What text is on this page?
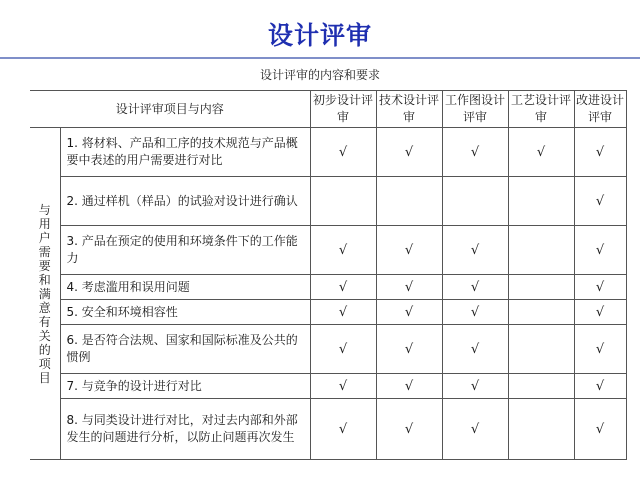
设计评审
设计评审的内容和要求
设计评审项目与内容		初步设计评审	技术设计评审	工作图设计评审	工艺设计评审	改进设计评审
与用户需要和满意有关的项目	1. 将材料、产品和工序的技术规范与产品概要中表述的用户需要进行对比	√	√	√	√	√
	2. 通过样机（样品）的试验对设计进行确认					√
	3. 产品在预定的使用和环境条件下的工作能力	√	√	√		√
	4. 考虑滥用和误用问题	√	√	√		√
	5. 安全和环境相容性	√	√	√		√
	6. 是否符合法规、国家和国际标准及公共的惯例	√	√	√		√
	7. 与竞争的设计进行对比	√	√	√		√
	8. 与同类设计进行对比，对过去内部和外部发生的问题进行分析，以防止问题再次发生	√	√	√		√
